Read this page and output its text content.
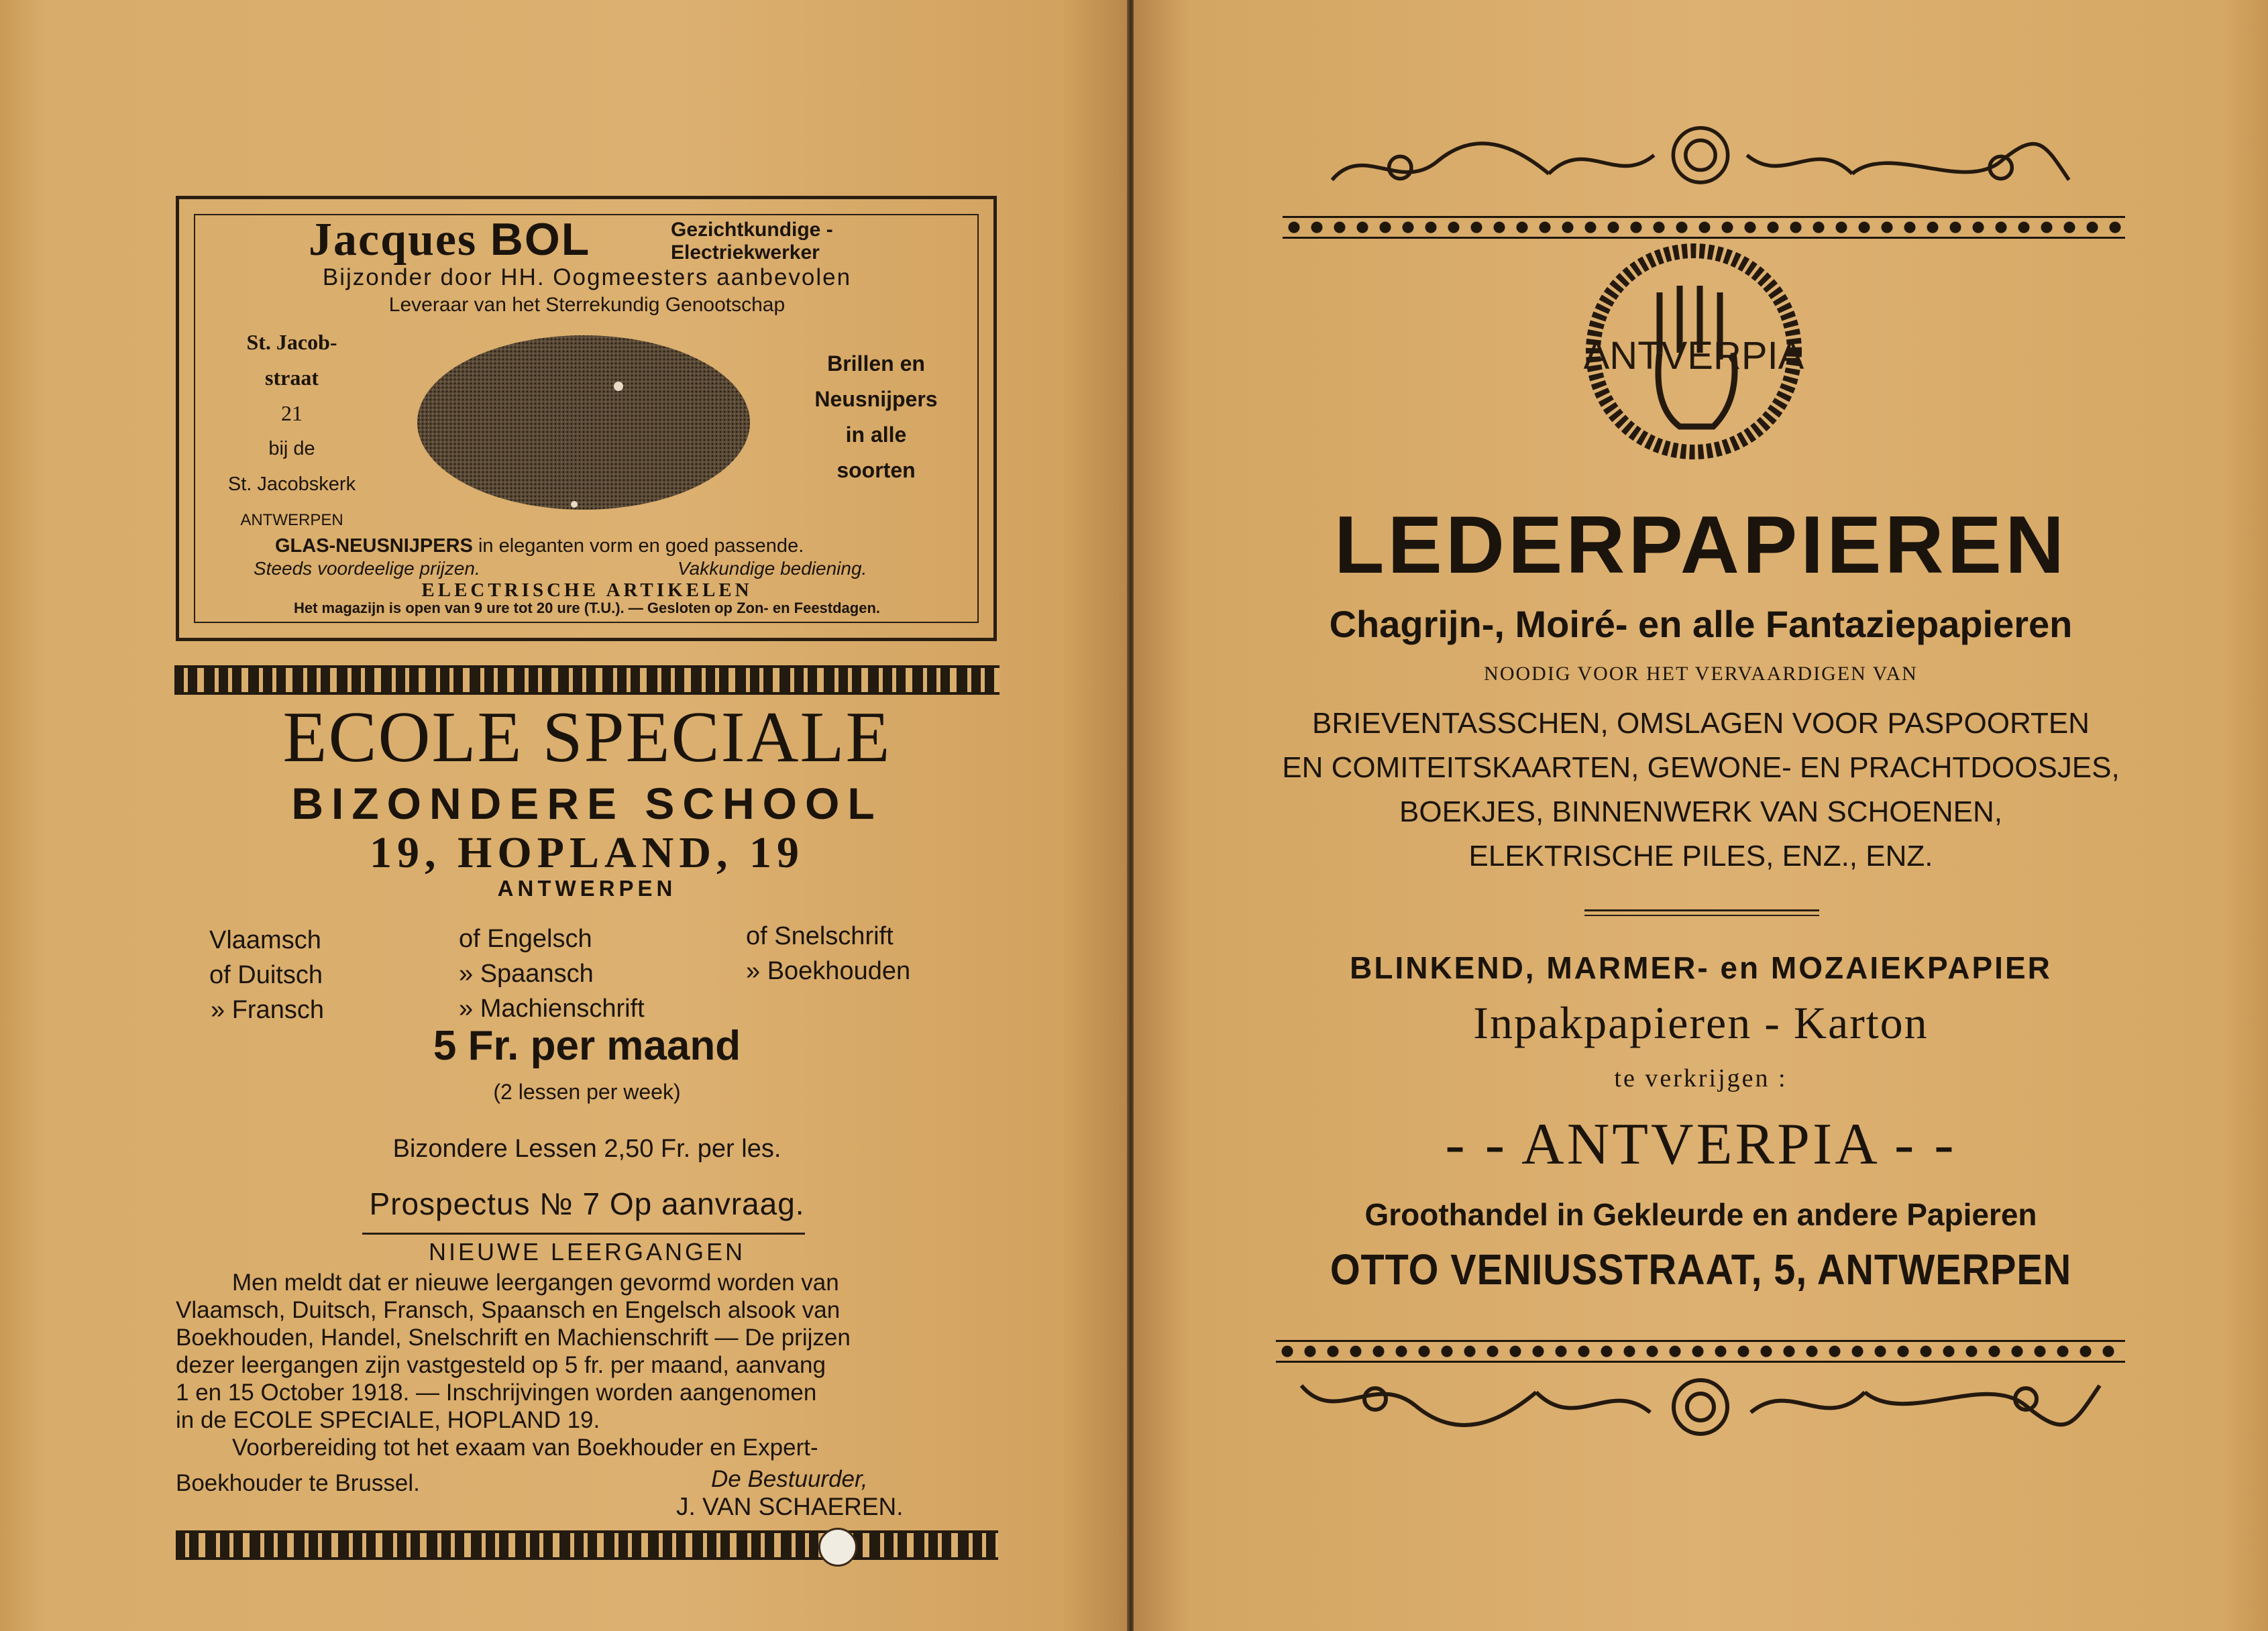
Jacques BOL	Gezichtkundige -
Electriekwerker
Bijzonder door HH. Oogmeesters aanbevolen
Leveraar van het Sterrekundig Genootschap
St. Jacob-
straat
21
bij de
St. Jacobskerk
ANTWERPEN
Brillen en
Neusnijpers
in alle
soorten
GLAS-NEUSNIJPERS in eleganten vorm en goed passende.
Steeds voordeelige prijzen.	Vakkundige bediening.
ELECTRISCHE ARTIKELEN
Het magazijn is open van 9 ure tot 20 ure (T.U.). — Gesloten op Zon- en Feestdagen.
ECOLE SPECIALE
BIZONDERE SCHOOL
19, HOPLAND, 19
ANTWERPEN
Vlaamsch
of Duitsch
» Fransch
of Engelsch
» Spaansch
» Machienschrift
of Snelschrift
» Boekhouden
5 Fr. per maand
(2 lessen per week)
Bizondere Lessen 2,50 Fr. per les.
Prospectus № 7 Op aanvraag.
NIEUWE LEERGANGEN
Men meldt dat er nieuwe leergangen gevormd worden van
Vlaamsch, Duitsch, Fransch, Spaansch en Engelsch alsook van
Boekhouden, Handel, Snelschrift en Machienschrift — De prijzen
dezer leergangen zijn vastgesteld op 5 fr. per maand, aanvang
1 en 15 October 1918. — Inschrijvingen worden aangenomen
in de ECOLE SPECIALE, HOPLAND 19.
Voorbereiding tot het exaam van Boekhouder en Expert-
Boekhouder te Brussel.	De Bestuurder,
J. VAN SCHAEREN.
ANTVERPIA
LEDERPAPIEREN
Chagrijn-, Moiré- en alle Fantaziepapieren
NOODIG VOOR HET VERVAARDIGEN VAN
BRIEVENTASSCHEN, OMSLAGEN VOOR PASPOORTEN
EN COMITEITSKAARTEN, GEWONE- EN PRACHTDOOSJES,
BOEKJES, BINNENWERK VAN SCHOENEN,
ELEKTRISCHE PILES, ENZ., ENZ.
BLINKEND, MARMER- en MOZAIEKPAPIER
Inpakpapieren - Karton
te verkrijgen :
- - ANTVERPIA - -
Groothandel in Gekleurde en andere Papieren
OTTO VENIUSSTRAAT, 5, ANTWERPEN
